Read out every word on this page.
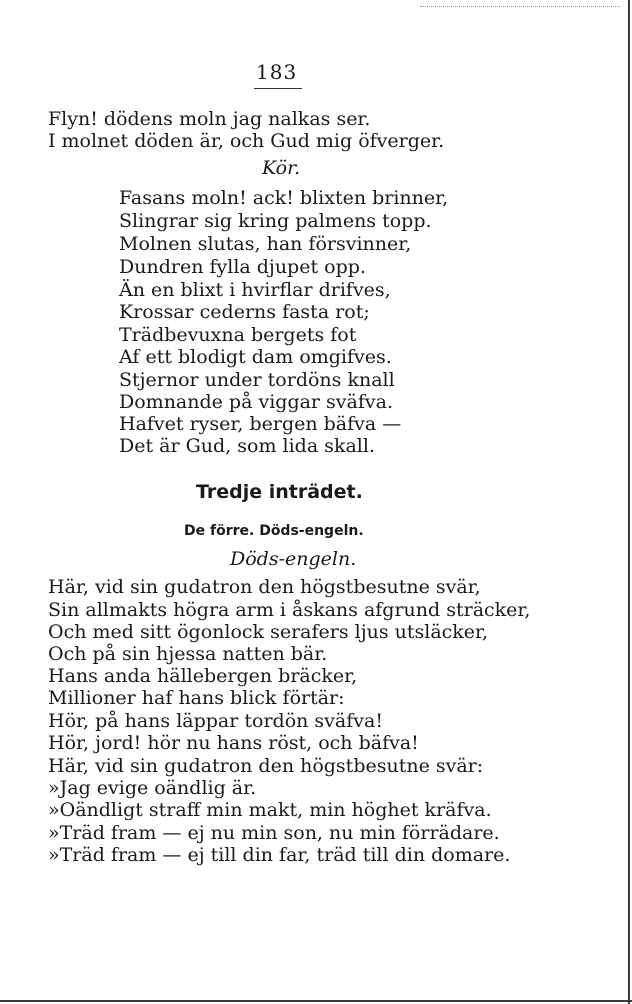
183
Flyn! dödens moln jag nalkas ser.
I molnet döden är, och Gud mig öfverger.
Kör.
Fasans moln! ack! blixten brinner,
Slingrar sig kring palmens topp.
Molnen slutas, han försvinner,
Dundren fylla djupet opp.
Än en blixt i hvirflar drifves,
Krossar cederns fasta rot;
Trädbevuxna bergets fot
Af ett blodigt dam omgifves.
Stjernor under tordöns knall
Domnande på viggar sväfva.
Hafvet ryser, bergen bäfva —
Det är Gud, som lida skall.
Tredje inträdet.
De förre. Döds-engeln.
Döds-engeln.
Här, vid sin gudatron den högstbesutne svär,
Sin allmakts högra arm i åskans afgrund sträcker,
Och med sitt ögonlock serafers ljus utsläcker,
Och på sin hjessa natten bär.
Hans anda hällebergen bräcker,
Millioner haf hans blick förtär:
Hör, på hans läppar tordön sväfva!
Hör, jord! hör nu hans röst, och bäfva!
Här, vid sin gudatron den högstbesutne svär:
»Jag evige oändlig är.
»Oändligt straff min makt, min höghet kräfva.
»Träd fram — ej nu min son, nu min förrädare.
»Träd fram — ej till din far, träd till din domare.
